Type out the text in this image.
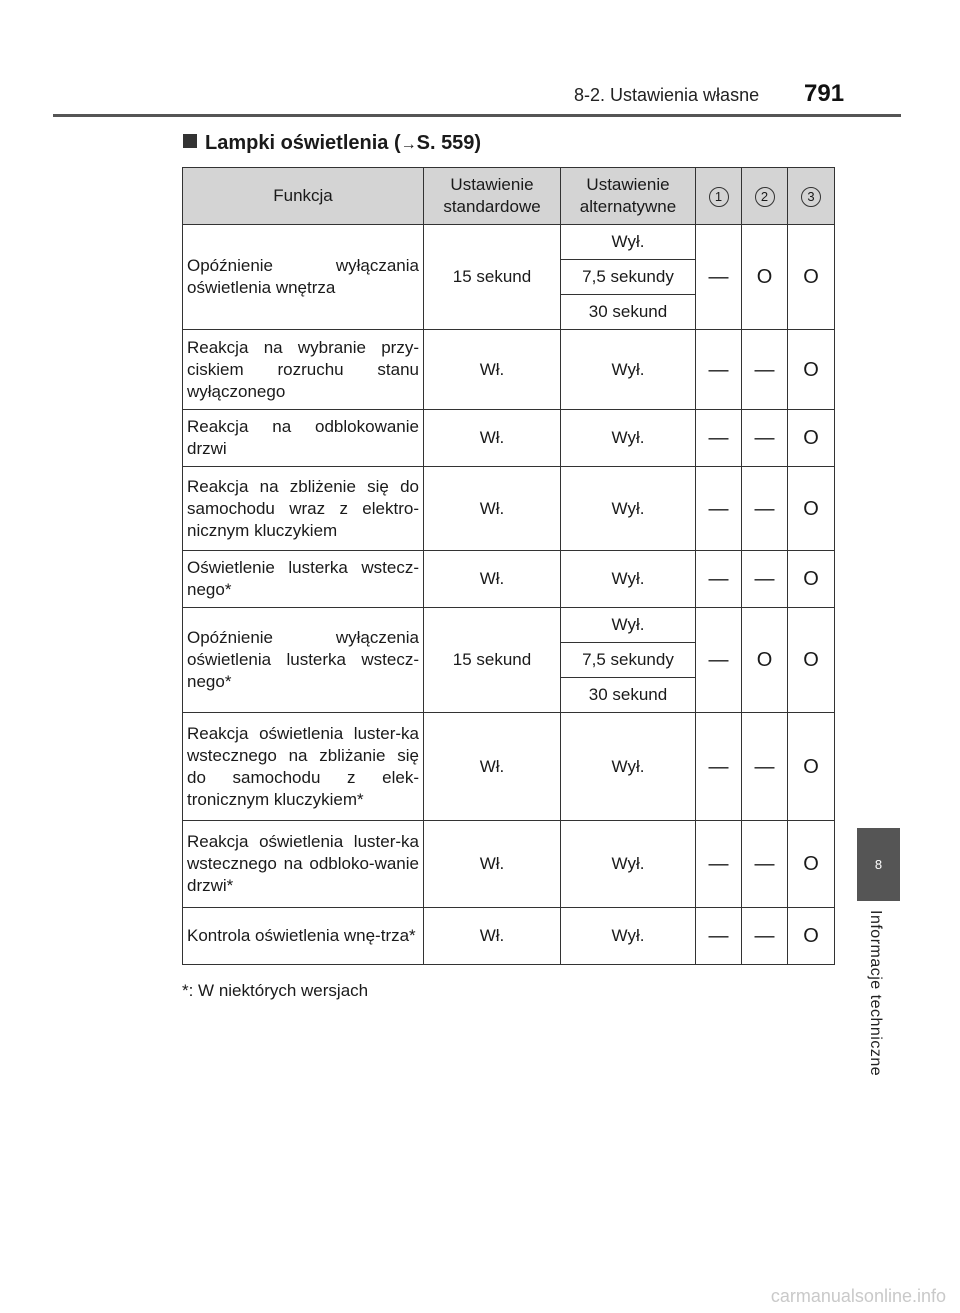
8-2. Ustawienia własne 791
Lampki oświetlenia (→S. 559)
Funkcja	Ustawienie standardowe	Ustawienie alternatywne	1	2	3
Opóźnienie wyłączania oświetlenia wnętrza	15 sekund	Wył.	—	O	O
		7,5 sekundy			
		30 sekund			
Reakcja na wybranie przy-ciskiem rozruchu stanu wyłączonego	Wł.	Wył.	—	—	O
Reakcja na odblokowanie drzwi	Wł.	Wył.	—	—	O
Reakcja na zbliżenie się do samochodu wraz z elektro-nicznym kluczykiem	Wł.	Wył.	—	—	O
Oświetlenie lusterka wstecz-nego*	Wł.	Wył.	—	—	O
Opóźnienie wyłączenia oświetlenia lusterka wstecz-nego*	15 sekund	Wył.	—	O	O
		7,5 sekundy			
		30 sekund			
Reakcja oświetlenia luster-ka wstecznego na zbliżanie się do samochodu z elek-tronicznym kluczykiem*	Wł.	Wył.	—	—	O
Reakcja oświetlenia luster-ka wstecznego na odbloko-wanie drzwi*	Wł.	Wył.	—	—	O
Kontrola oświetlenia wnę-trza*	Wł.	Wył.	—	—	O
*: W niektórych wersjach
8
Informacje techniczne
carmanualsonline.info
